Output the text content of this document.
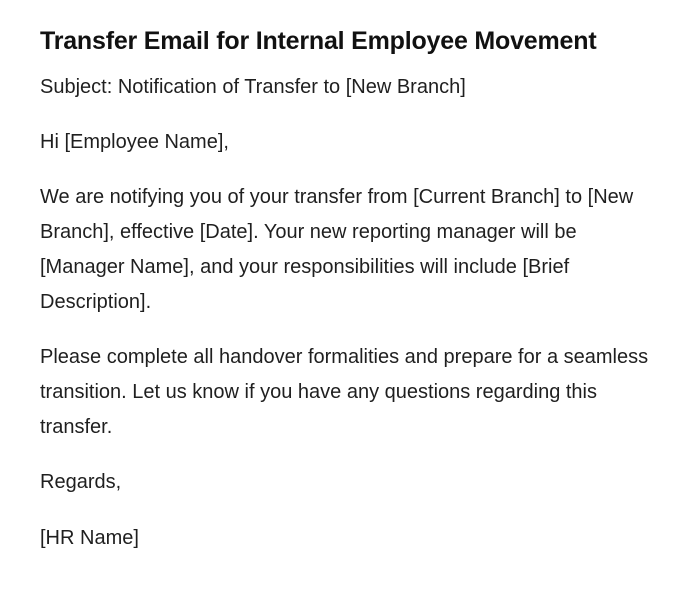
Transfer Email for Internal Employee Movement

Subject: Notification of Transfer to [New Branch]

Hi [Employee Name],

We are notifying you of your transfer from [Current Branch] to [New Branch], effective [Date]. Your new reporting manager will be [Manager Name], and your responsibilities will include [Brief Description].

Please complete all handover formalities and prepare for a seamless transition. Let us know if you have any questions regarding this transfer.

Regards,

[HR Name]
